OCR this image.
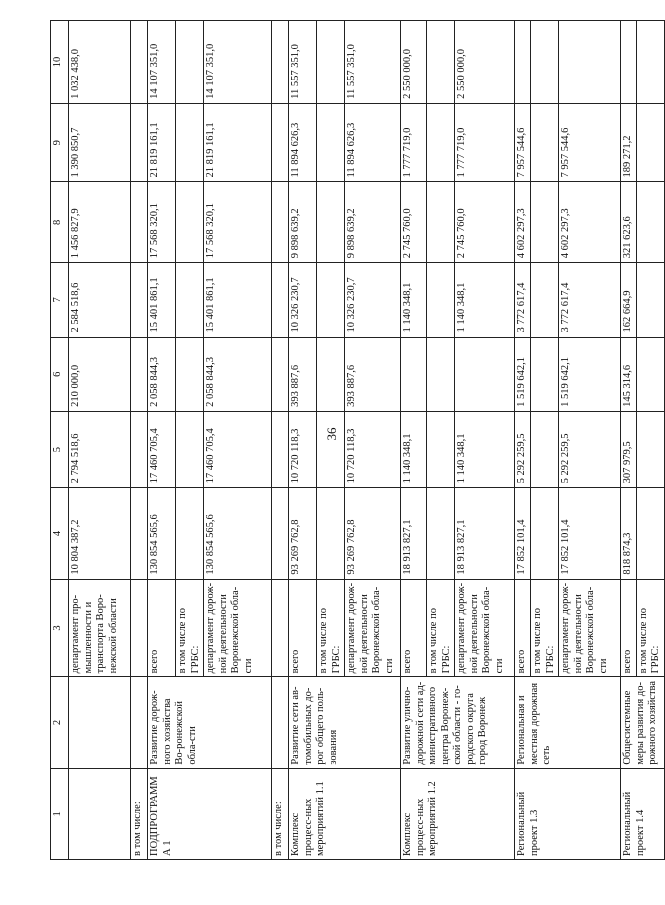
36
1	2	3	4	5	6	7	8	9	10
		департамент про-мышленности и транспорта Воро-нежской области	10 804 387,2	2 794 518,6	210 000,0	2 584 518,6	1 456 827,9	1 390 850,7	1 032 438,0
в том числе:									
ПОДПРОГРАММА 1	Развитие дорож-ного хозяйства Во-ронежской обла-сти	всего	130 854 565,6	17 460 705,4	2 058 844,3	15 401 861,1	17 568 320,1	21 819 161,1	14 107 351,0
		в том числе по ГРБС:							
		департамент дорож-ной деятельности Воронежской обла-сти	130 854 565,6	17 460 705,4	2 058 844,3	15 401 861,1	17 568 320,1	21 819 161,1	14 107 351,0
в том числе:									
Комплекс процесс-ных мероприятий 1.1	Развитие сети ав-томобильных до-рог общего поль-зования	всего	93 269 762,8	10 720 118,3	393 887,6	10 326 230,7	9 898 639,2	11 894 626,3	11 557 351,0
		в том числе по ГРБС:							
		департамент дорож-ной деятельности Воронежской обла-сти	93 269 762,8	10 720 118,3	393 887,6	10 326 230,7	9 898 639,2	11 894 626,3	11 557 351,0
Комплекс процесс-ных мероприятий 1.2	Развитие улично-дорожной сети ад-министративного центра Воронеж-ской области - го-родского округа город Воронеж	всего	18 913 827,1	1 140 348,1		1 140 348,1	2 745 760,0	1 777 719,0	2 550 000,0
		в том числе по ГРБС:							
		департамент дорож-ной деятельности Воронежской обла-сти	18 913 827,1	1 140 348,1		1 140 348,1	2 745 760,0	1 777 719,0	2 550 000,0
Региональный проект 1.3	Региональная и местная дорожная сеть	всего	17 852 101,4	5 292 259,5	1 519 642,1	3 772 617,4	4 602 297,3	7 957 544,6	
		в том числе по ГРБС:							
		департамент дорож-ной деятельности Воронежской обла-сти	17 852 101,4	5 292 259,5	1 519 642,1	3 772 617,4	4 602 297,3	7 957 544,6	
Региональный проект 1.4	Общесистемные меры развития до-рожного хозяйства	всего	818 874,3	307 979,5	145 314,6	162 664,9	321 623,6	189 271,2	
		в том числе по ГРБС:							
